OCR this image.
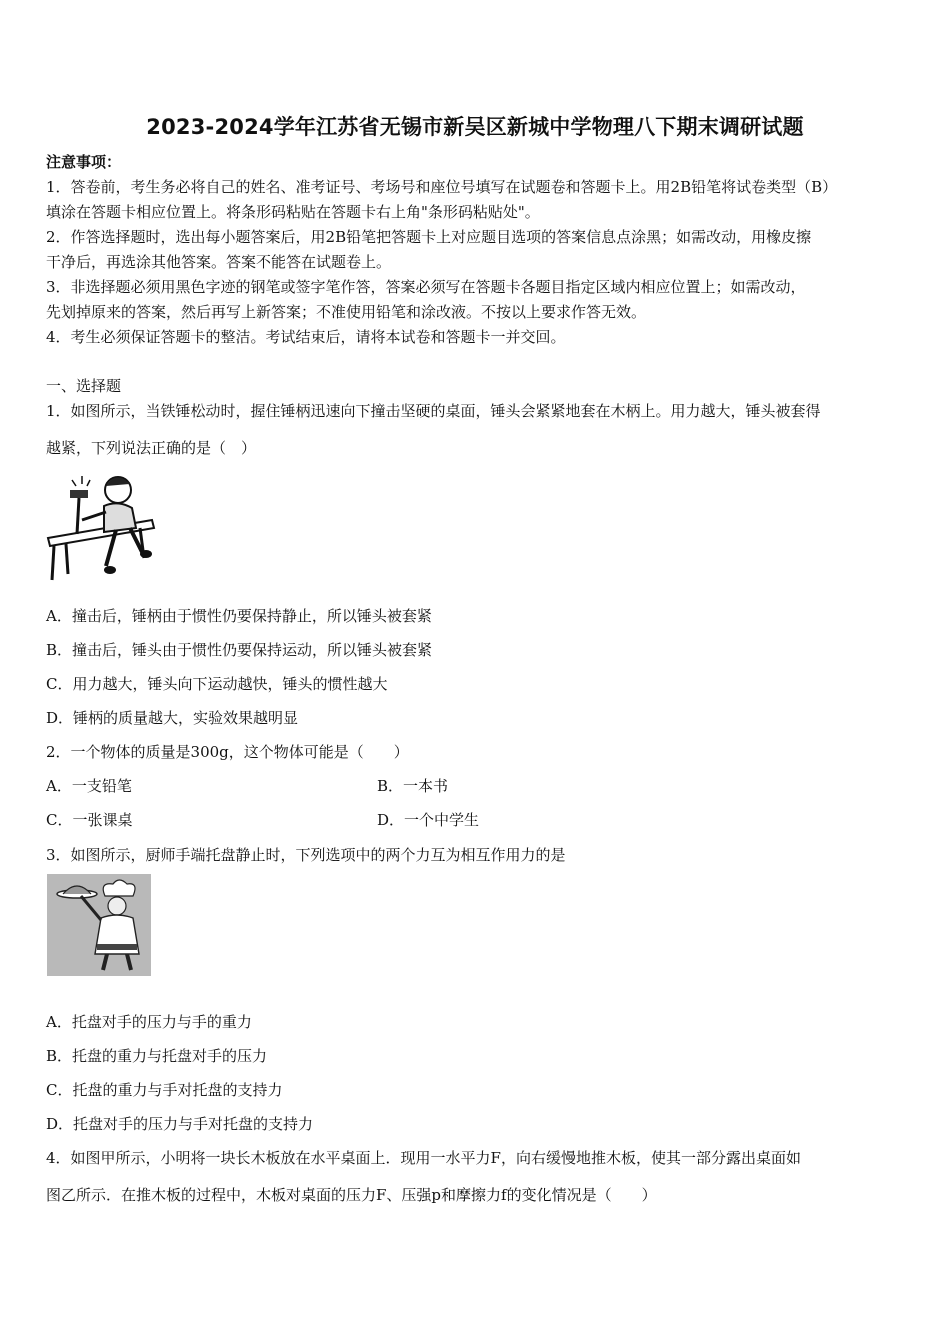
2023-2024学年江苏省无锡市新吴区新城中学物理八下期末调研试题
注意事项：
1．答卷前，考生务必将自己的姓名、准考证号、考场号和座位号填写在试题卷和答题卡上。用2B铅笔将试卷类型（B）
填涂在答题卡相应位置上。将条形码粘贴在答题卡右上角"条形码粘贴处"。
2．作答选择题时，选出每小题答案后，用2B铅笔把答题卡上对应题目选项的答案信息点涂黑；如需改动，用橡皮擦
干净后，再选涂其他答案。答案不能答在试题卷上。
3．非选择题必须用黑色字迹的钢笔或签字笔作答，答案必须写在答题卡各题目指定区域内相应位置上；如需改动，
先划掉原来的答案，然后再写上新答案；不准使用铅笔和涂改液。不按以上要求作答无效。
4．考生必须保证答题卡的整洁。考试结束后，请将本试卷和答题卡一并交回。
一、选择题
1．如图所示，当铁锤松动时，握住锤柄迅速向下撞击坚硬的桌面，锤头会紧紧地套在木柄上。用力越大，锤头被套得
越紧，下列说法正确的是（　）
A．撞击后，锤柄由于惯性仍要保持静止，所以锤头被套紧
B．撞击后，锤头由于惯性仍要保持运动，所以锤头被套紧
C．用力越大，锤头向下运动越快，锤头的惯性越大
D．锤柄的质量越大，实验效果越明显
2．一个物体的质量是300g，这个物体可能是（　　）
A．一支铅笔	B．一本书
C．一张课桌	D．一个中学生
3．如图所示，厨师手端托盘静止时，下列选项中的两个力互为相互作用力的是
A．托盘对手的压力与手的重力
B．托盘的重力与托盘对手的压力
C．托盘的重力与手对托盘的支持力
D．托盘对手的压力与手对托盘的支持力
4．如图甲所示，小明将一块长木板放在水平桌面上．现用一水平力F，向右缓慢地推木板，使其一部分露出桌面如
图乙所示．在推木板的过程中，木板对桌面的压力F、压强p和摩擦力f的变化情况是（　　）
